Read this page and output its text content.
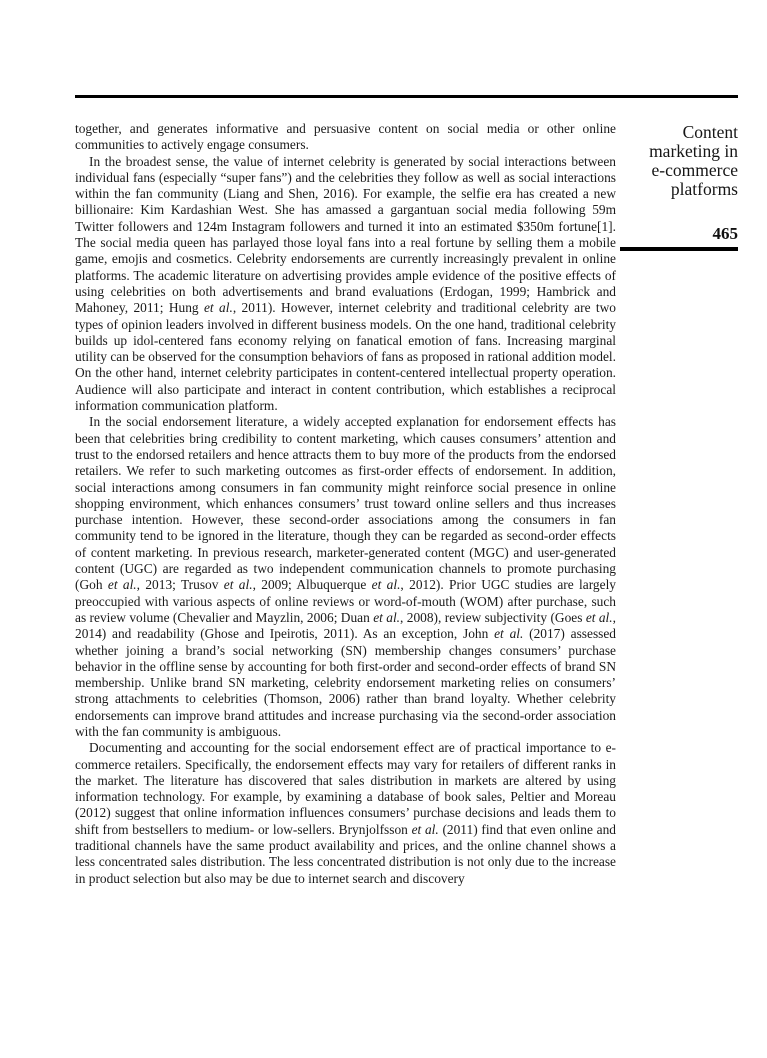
together, and generates informative and persuasive content on social media or other online communities to actively engage consumers.

In the broadest sense, the value of internet celebrity is generated by social interactions between individual fans (especially “super fans”) and the celebrities they follow as well as social interactions within the fan community (Liang and Shen, 2016). For example, the selfie era has created a new billionaire: Kim Kardashian West. She has amassed a gargantuan social media following 59m Twitter followers and 124m Instagram followers and turned it into an estimated $350m fortune[1]. The social media queen has parlayed those loyal fans into a real fortune by selling them a mobile game, emojis and cosmetics. Celebrity endorsements are currently increasingly prevalent in online platforms. The academic literature on advertising provides ample evidence of the positive effects of using celebrities on both advertisements and brand evaluations (Erdogan, 1999; Hambrick and Mahoney, 2011; Hung et al., 2011). However, internet celebrity and traditional celebrity are two types of opinion leaders involved in different business models. On the one hand, traditional celebrity builds up idol-centered fans economy relying on fanatical emotion of fans. Increasing marginal utility can be observed for the consumption behaviors of fans as proposed in rational addition model. On the other hand, internet celebrity participates in content-centered intellectual property operation. Audience will also participate and interact in content contribution, which establishes a reciprocal information communication platform.

In the social endorsement literature, a widely accepted explanation for endorsement effects has been that celebrities bring credibility to content marketing, which causes consumers’ attention and trust to the endorsed retailers and hence attracts them to buy more of the products from the endorsed retailers. We refer to such marketing outcomes as first-order effects of endorsement. In addition, social interactions among consumers in fan community might reinforce social presence in online shopping environment, which enhances consumers’ trust toward online sellers and thus increases purchase intention. However, these second-order associations among the consumers in fan community tend to be ignored in the literature, though they can be regarded as second-order effects of content marketing. In previous research, marketer-generated content (MGC) and user-generated content (UGC) are regarded as two independent communication channels to promote purchasing (Goh et al., 2013; Trusov et al., 2009; Albuquerque et al., 2012). Prior UGC studies are largely preoccupied with various aspects of online reviews or word-of-mouth (WOM) after purchase, such as review volume (Chevalier and Mayzlin, 2006; Duan et al., 2008), review subjectivity (Goes et al., 2014) and readability (Ghose and Ipeirotis, 2011). As an exception, John et al. (2017) assessed whether joining a brand’s social networking (SN) membership changes consumers’ purchase behavior in the offline sense by accounting for both first-order and second-order effects of brand SN membership. Unlike brand SN marketing, celebrity endorsement marketing relies on consumers’ strong attachments to celebrities (Thomson, 2006) rather than brand loyalty. Whether celebrity endorsements can improve brand attitudes and increase purchasing via the second-order association with the fan community is ambiguous.

Documenting and accounting for the social endorsement effect are of practical importance to e-commerce retailers. Specifically, the endorsement effects may vary for retailers of different ranks in the market. The literature has discovered that sales distribution in markets are altered by using information technology. For example, by examining a database of book sales, Peltier and Moreau (2012) suggest that online information influences consumers’ purchase decisions and leads them to shift from bestsellers to medium- or low-sellers. Brynjolfsson et al. (2011) find that even online and traditional channels have the same product availability and prices, and the online channel shows a less concentrated sales distribution. The less concentrated distribution is not only due to the increase in product selection but also may be due to internet search and discovery

Content
marketing in
e-commerce
platforms
465
